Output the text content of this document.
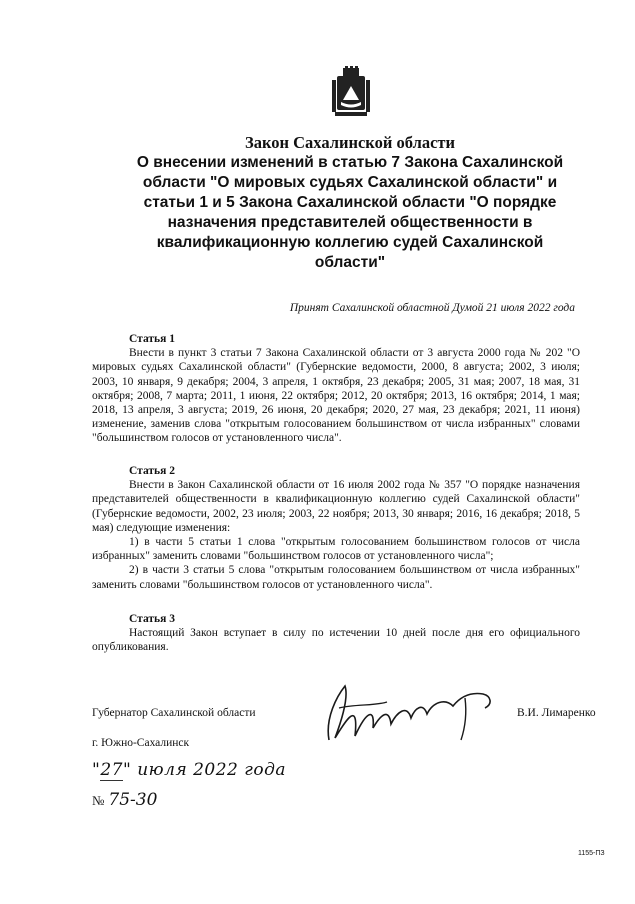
Закон Сахалинской области
О внесении изменений в статью 7 Закона Сахалинской области "О мировых судьях Сахалинской области" и статьи 1 и 5 Закона Сахалинской области "О порядке назначения представителей общественности в квалификационную коллегию судей Сахалинской области"
Принят Сахалинской областной Думой 21 июля 2022 года

Статья 1

Внести в пункт 3 статьи 7 Закона Сахалинской области от 3 августа 2000 года № 202 "О мировых судьях Сахалинской области" (Губернские ведомости, 2000, 8 августа; 2002, 3 июля; 2003, 10 января, 9 декабря; 2004, 3 апреля, 1 октября, 23 декабря; 2005, 31 мая; 2007, 18 мая, 31 октября; 2008, 7 марта; 2011, 1 июня, 22 октября; 2012, 20 октября; 2013, 16 октября; 2014, 1 мая; 2018, 13 апреля, 3 августа; 2019, 26 июня, 20 декабря; 2020, 27 мая, 23 декабря; 2021, 11 июня) изменение, заменив слова "открытым голосованием большинством от числа избранных" словами "большинством голосов от установленного числа".

Статья 2

Внести в Закон Сахалинской области от 16 июля 2002 года № 357 "О порядке назначения представителей общественности в квалификационную коллегию судей Сахалинской области" (Губернские ведомости, 2002, 23 июля; 2003, 22 ноября; 2013, 30 января; 2016, 16 декабря; 2018, 5 мая) следующие изменения:

1) в части 5 статьи 1 слова "открытым голосованием большинством голосов от числа избранных" заменить словами "большинством голосов от установленного числа";

2) в части 3 статьи 5 слова "открытым голосованием большинством от числа избранных" заменить словами "большинством голосов от установленного числа".

Статья 3

Настоящий Закон вступает в силу по истечении 10 дней после дня его официального опубликования.

Губернатор Сахалинской области	В.И. Лимаренко
г. Южно-Сахалинск
"27" июля 2022 года
№ 75-30
1155-ПЗ
